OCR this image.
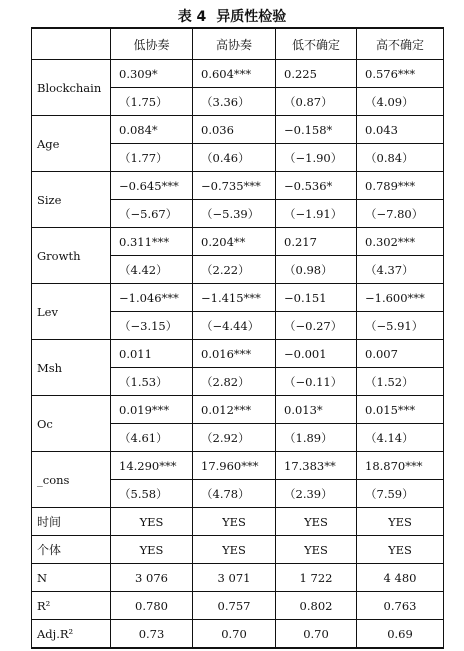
表 4 异质性检验
	低协奏	高协奏	低不确定	高不确定
Blockchain	0.309*	0.604***	0.225	0.576***
	（1.75）	（3.36）	（0.87）	（4.09）
Age	0.084*	0.036	−0.158*	0.043
	（1.77）	（0.46）	（−1.90）	（0.84）
Size	−0.645***	−0.735***	−0.536*	0.789***
	（−5.67）	（−5.39）	（−1.91）	（−7.80）
Growth	0.311***	0.204**	0.217	0.302***
	（4.42）	（2.22）	（0.98）	（4.37）
Lev	−1.046***	−1.415***	−0.151	−1.600***
	（−3.15）	（−4.44）	（−0.27）	（−5.91）
Msh	0.011	0.016***	−0.001	0.007
	（1.53）	（2.82）	（−0.11）	（1.52）
Oc	0.019***	0.012***	0.013*	0.015***
	（4.61）	（2.92）	（1.89）	（4.14）
_cons	14.290***	17.960***	17.383**	18.870***
	（5.58）	（4.78）	（2.39）	（7.59）
时间	YES	YES	YES	YES
个体	YES	YES	YES	YES
N	3 076	3 071	1 722	4 480
R²	0.780	0.757	0.802	0.763
Adj.R²	0.73	0.70	0.70	0.69
